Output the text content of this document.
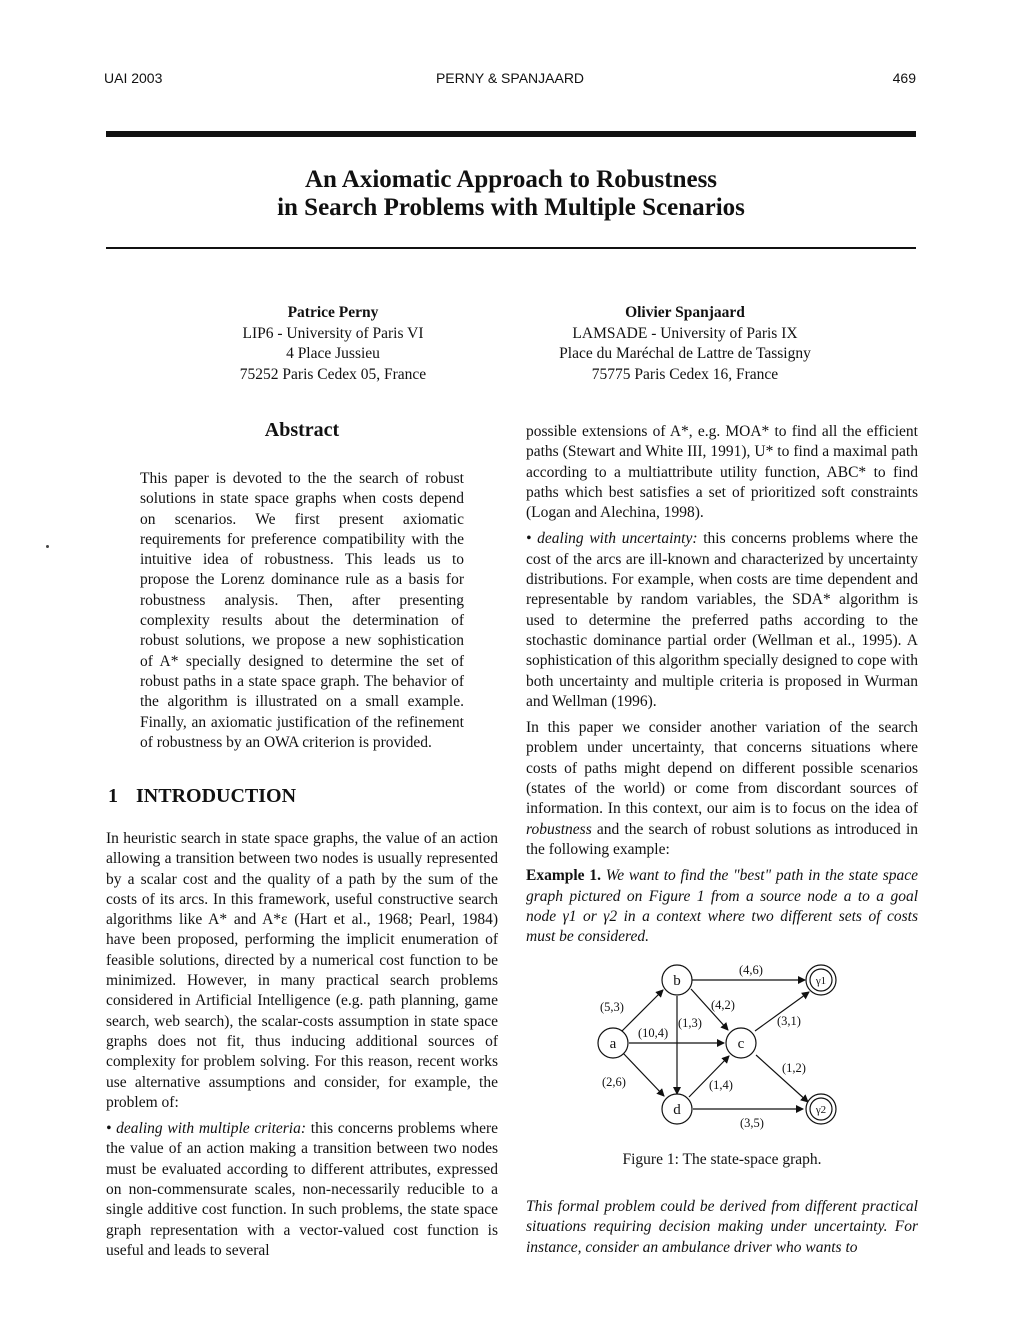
UAI 2003	PERNY & SPANJAARD	469
An Axiomatic Approach to Robustness
in Search Problems with Multiple Scenarios
Patrice Perny
LIP6 - University of Paris VI
4 Place Jussieu
75252 Paris Cedex 05, France
Olivier Spanjaard
LAMSADE - University of Paris IX
Place du Maréchal de Lattre de Tassigny
75775 Paris Cedex 16, France
Abstract

This paper is devoted to the the search of robust solutions in state space graphs when costs depend on scenarios. We first present axiomatic requirements for preference compatibility with the intuitive idea of robustness. This leads us to propose the Lorenz dominance rule as a basis for robustness analysis. Then, after presenting complexity results about the determination of robust solutions, we propose a new sophistication of A* specially designed to determine the set of robust paths in a state space graph. The behavior of the algorithm is illustrated on a small example. Finally, an axiomatic justification of the refinement of robustness by an OWA criterion is provided.

1 INTRODUCTION

In heuristic search in state space graphs, the value of an action allowing a transition between two nodes is usually represented by a scalar cost and the quality of a path by the sum of the costs of its arcs. In this framework, useful constructive search algorithms like A* and A*ε (Hart et al., 1968; Pearl, 1984) have been proposed, performing the implicit enumeration of feasible solutions, directed by a numerical cost function to be minimized. However, in many practical search problems considered in Artificial Intelligence (e.g. path planning, game search, web search), the scalar-costs assumption in state space graphs does not fit, thus inducing additional sources of complexity for problem solving. For this reason, recent works use alternative assumptions and consider, for example, the problem of:

• dealing with multiple criteria: this concerns problems where the value of an action making a transition between two nodes must be evaluated according to different attributes, expressed on non-commensurate scales, non-necessarily reducible to a single additive cost function. In such problems, the state space graph representation with a vector-valued cost function is useful and leads to several

possible extensions of A*, e.g. MOA* to find all the efficient paths (Stewart and White III, 1991), U* to find a maximal path according to a multiattribute utility function, ABC* to find paths which best satisfies a set of prioritized soft constraints (Logan and Alechina, 1998).

• dealing with uncertainty: this concerns problems where the cost of the arcs are ill-known and characterized by uncertainty distributions. For example, when costs are time dependent and representable by random variables, the SDA* algorithm is used to determine the preferred paths according to the stochastic dominance partial order (Wellman et al., 1995). A sophistication of this algorithm specially designed to cope with both uncertainty and multiple criteria is proposed in Wurman and Wellman (1996).

In this paper we consider another variation of the search problem under uncertainty, that concerns situations where costs of paths might depend on different possible scenarios (states of the world) or come from discordant sources of information. In this context, our aim is to focus on the idea of robustness and the search of robust solutions as introduced in the following example:

Example 1. We want to find the "best" path in the state space graph pictured on Figure 1 from a source node a to a goal node γ1 or γ2 in a context where two different sets of costs must be considered.

a
b
c
d
γ1
γ2
(5,3)
(10,4)
(2,6)
(1,3)
(4,2)
(4,6)
(3,1)
(1,2)
(1,4)
(3,5)
Figure 1: The state-space graph.

This formal problem could be derived from different practical situations requiring decision making under uncertainty. For instance, consider an ambulance driver who wants to
